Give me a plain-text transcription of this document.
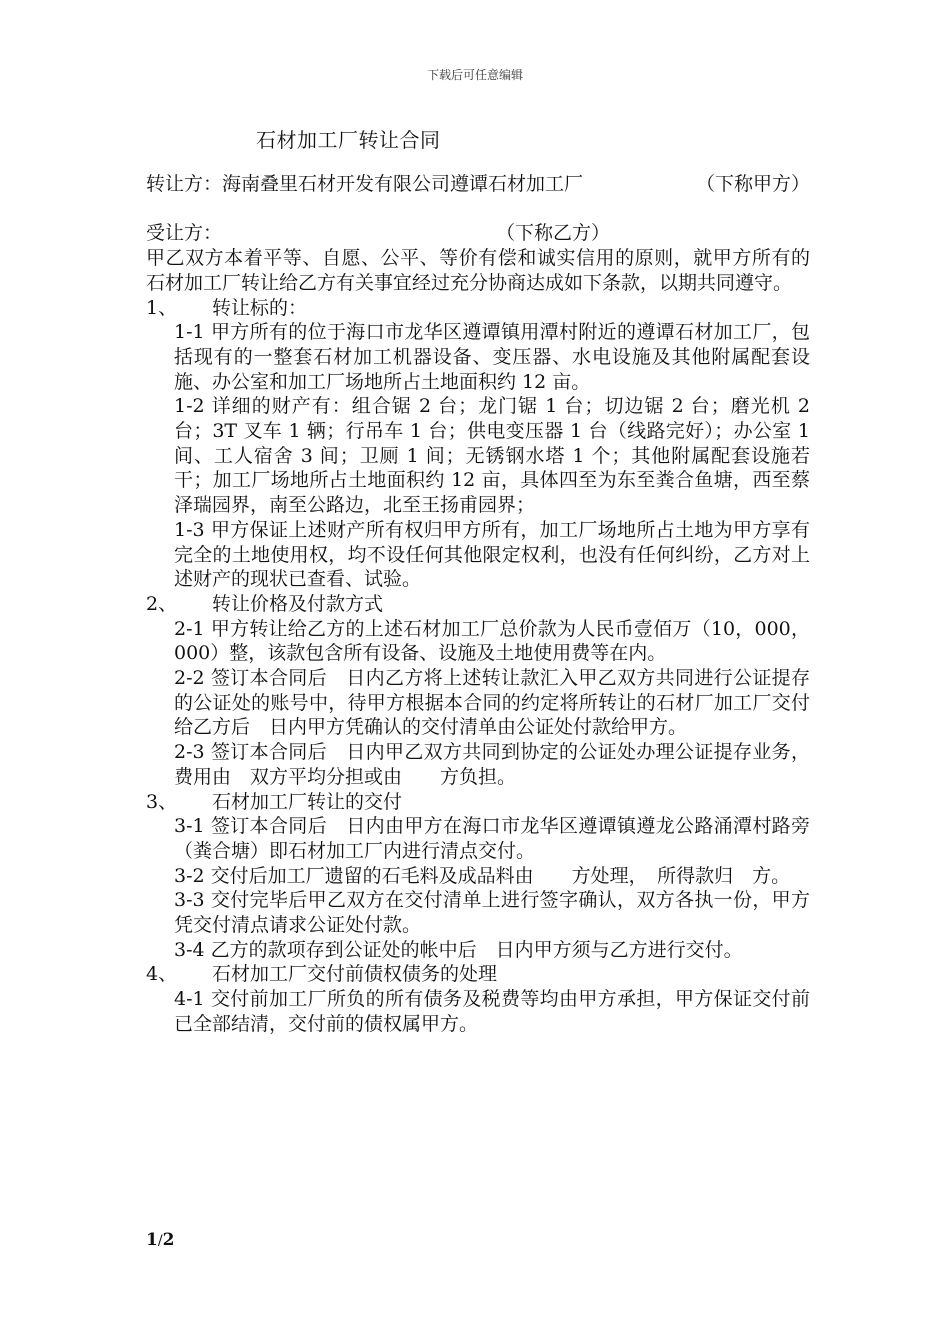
下载后可任意编辑
石材加工厂转让合同

（下称甲方）
转让方：海南叠里石材开发有限公司遵谭石材加工厂

受让方：	（下称乙方）

甲乙双方本着平等、自愿、公平、等价有偿和诚实信用的原则，就甲方所有的石材加工厂转让给乙方有关事宜经过充分协商达成如下条款，以期共同遵守。

1、	转让标的：

1-1 甲方所有的位于海口市龙华区遵谭镇用潭村附近的遵谭石材加工厂，包括现有的一整套石材加工机器设备、变压器、水电设施及其他附属配套设施、办公室和加工厂场地所占土地面积约 12 亩。

1-2 详细的财产有：组合锯 2 台；龙门锯 1 台；切边锯 2 台；磨光机 2 台；3T 叉车 1 辆；行吊车 1 台；供电变压器 1 台（线路完好）；办公室 1 间、工人宿舍 3 间；卫厕 1 间；无锈钢水塔 1 个；其他附属配套设施若干；加工厂场地所占土地面积约 12 亩，具体四至为东至粪合鱼塘，西至蔡泽瑞园界，南至公路边，北至王扬甫园界；

1-3 甲方保证上述财产所有权归甲方所有，加工厂场地所占土地为甲方享有完全的土地使用权，均不设任何其他限定权利，也没有任何纠纷，乙方对上述财产的现状已查看、试验。

2、	转让价格及付款方式

2-1 甲方转让给乙方的上述石材加工厂总价款为人民币壹佰万（10，000，000）整，该款包含所有设备、设施及土地使用费等在内。

2-2 签订本合同后　日内乙方将上述转让款汇入甲乙双方共同进行公证提存的公证处的账号中，待甲方根据本合同的约定将所转让的石材厂加工厂交付给乙方后　日内甲方凭确认的交付清单由公证处付款给甲方。

2-3 签订本合同后　日内甲乙双方共同到协定的公证处办理公证提存业务，费用由　双方平均分担或由　　方负担。

3、	石材加工厂转让的交付

3-1 签订本合同后　日内由甲方在海口市龙华区遵谭镇遵龙公路涌潭村路旁（粪合塘）即石材加工厂内进行清点交付。

3-2 交付后加工厂遗留的石毛料及成品料由　　方处理，　所得款归　方。

3-3 交付完毕后甲乙双方在交付清单上进行签字确认，双方各执一份，甲方凭交付清点请求公证处付款。

3-4 乙方的款项存到公证处的帐中后　日内甲方须与乙方进行交付。

4、	石材加工厂交付前债权债务的处理

4-1 交付前加工厂所负的所有债务及税费等均由甲方承担，甲方保证交付前已全部结清，交付前的债权属甲方。

1/2
